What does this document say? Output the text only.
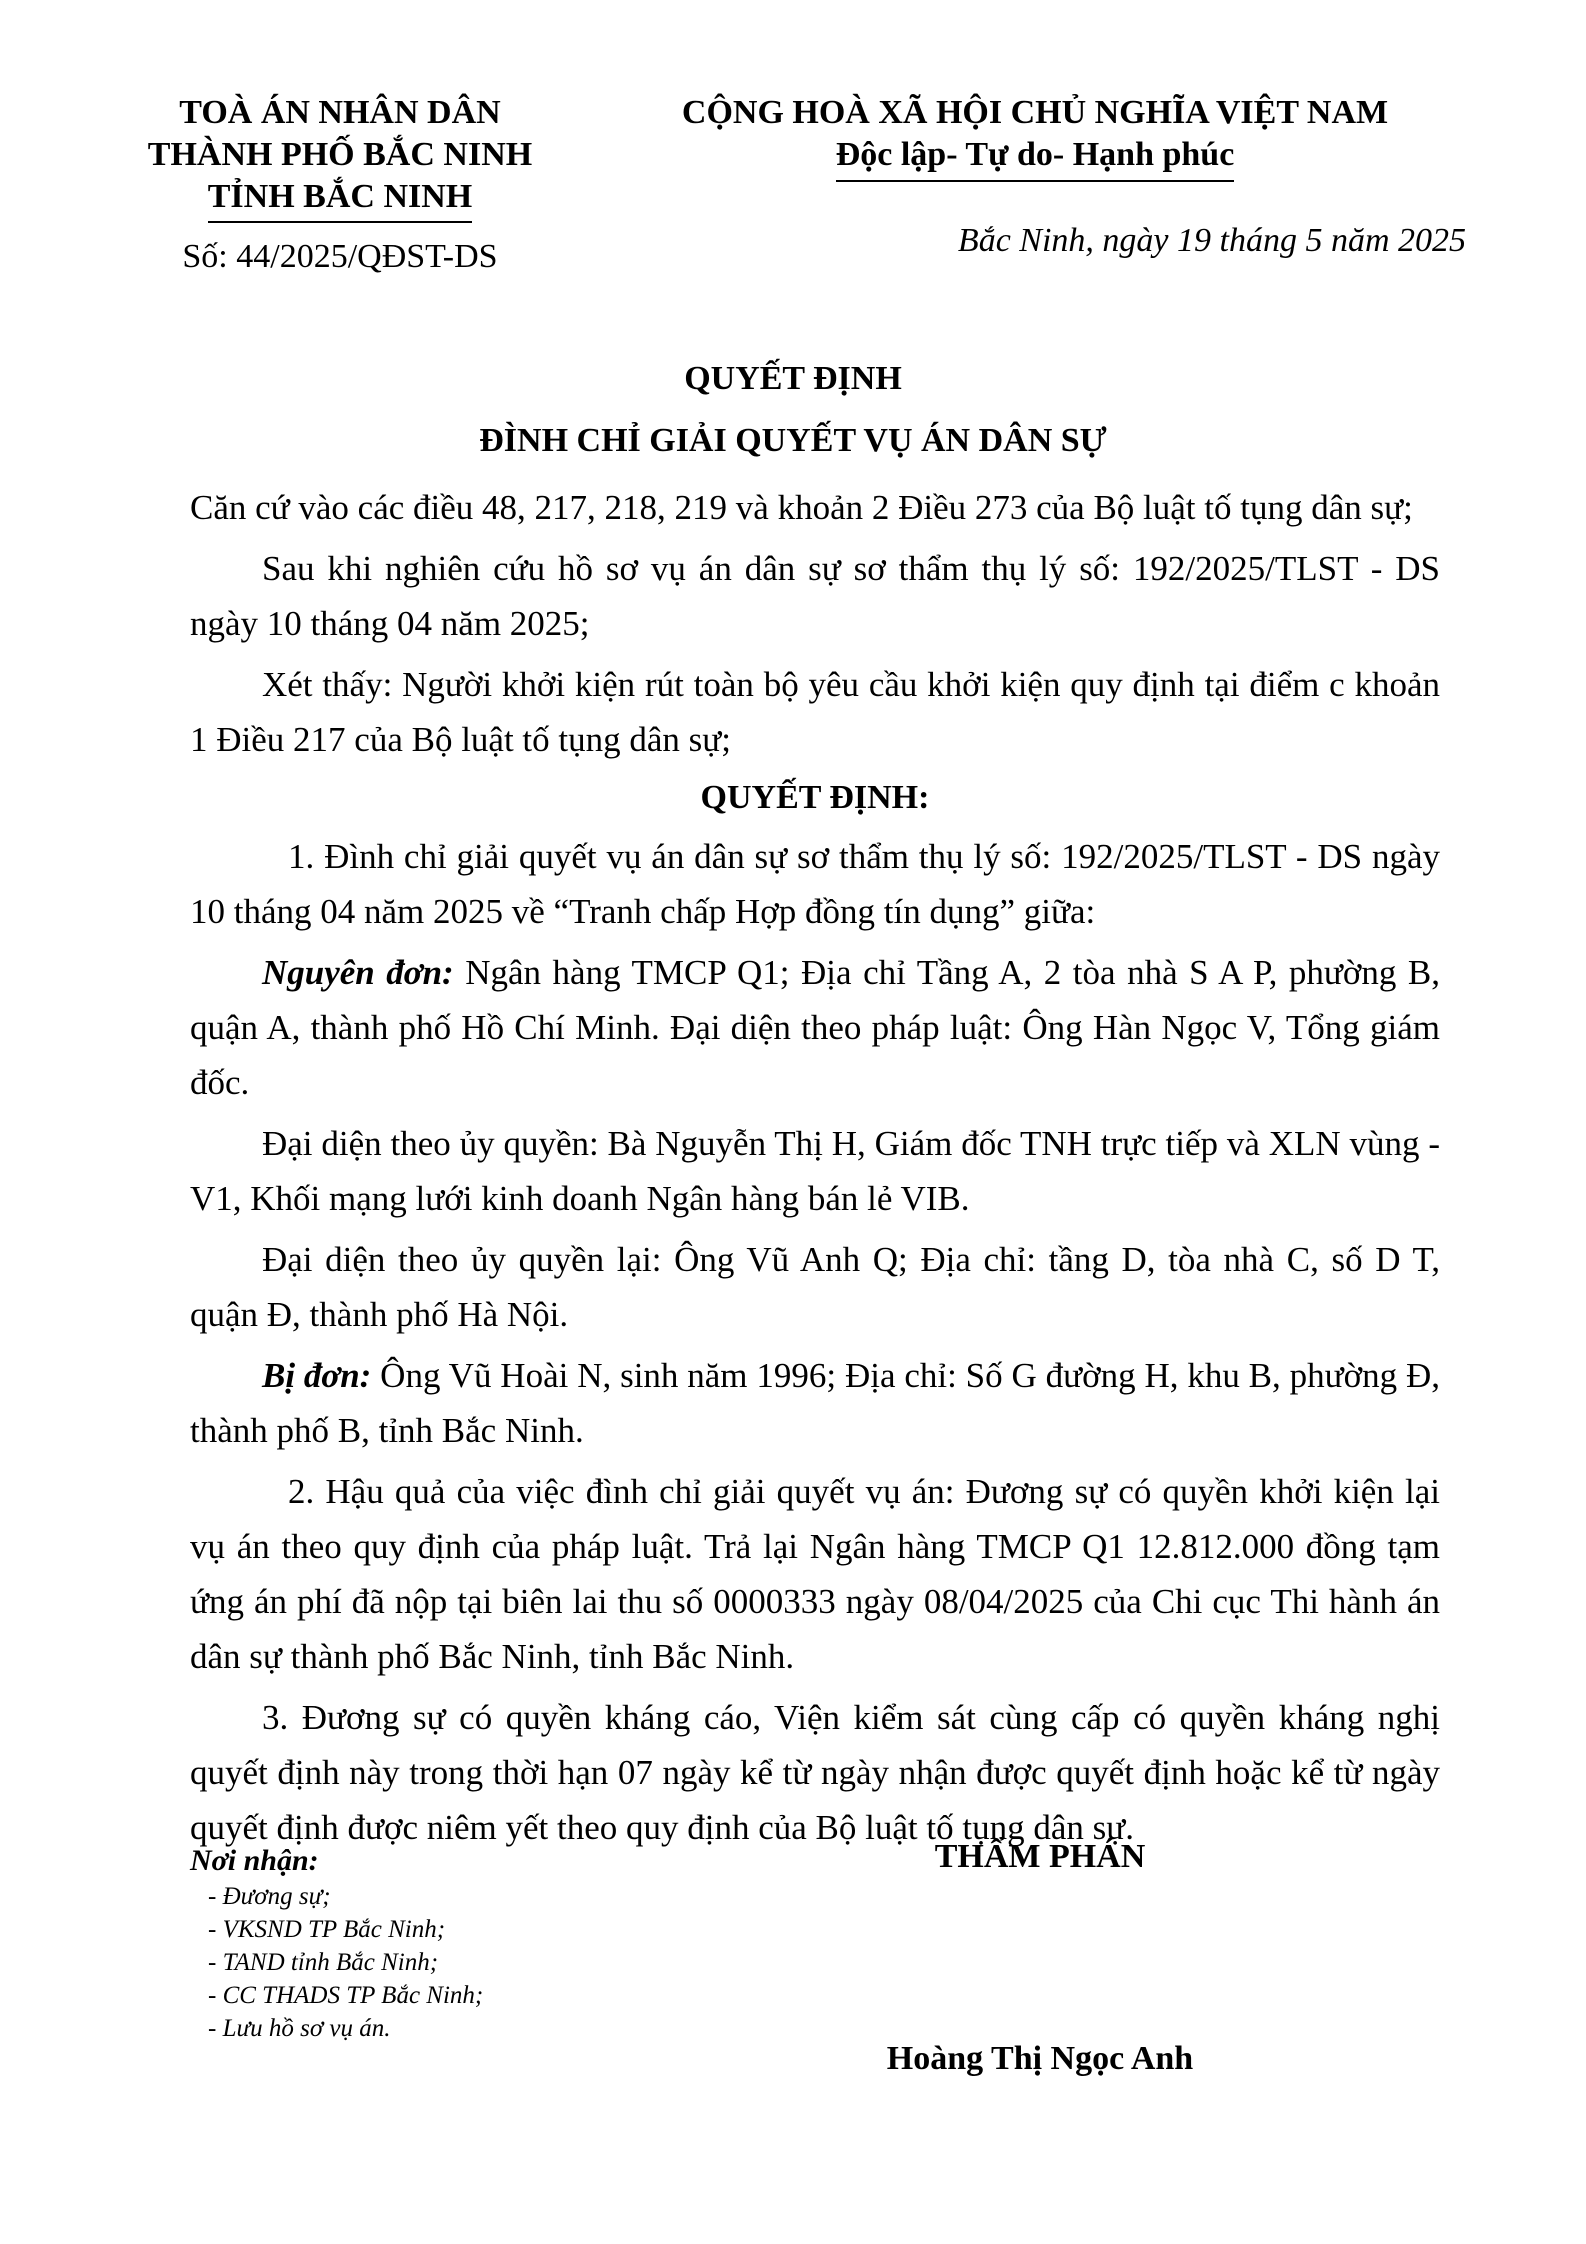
TOÀ ÁN NHÂN DÂN
THÀNH PHỐ BẮC NINH
TỈNH BẮC NINH
Số: 44/2025/QĐST-DS
CỘNG HOÀ XÃ HỘI CHỦ NGHĨA VIỆT NAM
Độc lập- Tự do- Hạnh phúc
Bắc Ninh, ngày 19 tháng 5 năm 2025
QUYẾT ĐỊNH
ĐÌNH CHỈ GIẢI QUYẾT VỤ ÁN DÂN SỰ

Căn cứ vào các điều 48, 217, 218, 219 và khoản 2 Điều 273 của Bộ luật tố tụng dân sự;

Sau khi nghiên cứu hồ sơ vụ án dân sự sơ thẩm thụ lý số: 192/2025/TLST - DS ngày 10 tháng 04 năm 2025;

Xét thấy: Người khởi kiện rút toàn bộ yêu cầu khởi kiện quy định tại điểm c khoản 1 Điều 217 của Bộ luật tố tụng dân sự;

QUYẾT ĐỊNH:

1. Đình chỉ giải quyết vụ án dân sự sơ thẩm thụ lý số: 192/2025/TLST - DS ngày 10 tháng 04 năm 2025 về “Tranh chấp Hợp đồng tín dụng” giữa:

Nguyên đơn: Ngân hàng TMCP Q1; Địa chỉ Tầng A, 2 tòa nhà S A P, phường B, quận A, thành phố Hồ Chí Minh. Đại diện theo pháp luật: Ông Hàn Ngọc V, Tổng giám đốc.

Đại diện theo ủy quyền: Bà Nguyễn Thị H, Giám đốc TNH trực tiếp và XLN vùng - V1, Khối mạng lưới kinh doanh Ngân hàng bán lẻ VIB.

Đại diện theo ủy quyền lại: Ông Vũ Anh Q; Địa chỉ: tầng D, tòa nhà C, số D T, quận Đ, thành phố Hà Nội.

Bị đơn: Ông Vũ Hoài N, sinh năm 1996; Địa chỉ: Số G đường H, khu B, phường Đ, thành phố B, tỉnh Bắc Ninh.

2. Hậu quả của việc đình chỉ giải quyết vụ án: Đương sự có quyền khởi kiện lại vụ án theo quy định của pháp luật. Trả lại Ngân hàng TMCP Q1 12.812.000 đồng tạm ứng án phí đã nộp tại biên lai thu số 0000333 ngày 08/04/2025 của Chi cục Thi hành án dân sự thành phố Bắc Ninh, tỉnh Bắc Ninh.

3. Đương sự có quyền kháng cáo, Viện kiểm sát cùng cấp có quyền kháng nghị quyết định này trong thời hạn 07 ngày kể từ ngày nhận được quyết định hoặc kể từ ngày quyết định được niêm yết theo quy định của Bộ luật tố tụng dân sự.

Nơi nhận:
- Đương sự;
- VKSND TP Bắc Ninh;
- TAND tỉnh Bắc Ninh;
- CC THADS TP Bắc Ninh;
- Lưu hồ sơ vụ án.
THẨM PHÁN
Hoàng Thị Ngọc Anh
